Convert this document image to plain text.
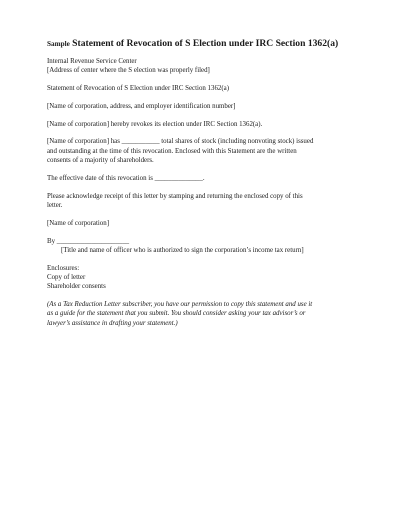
Sample Statement of Revocation of S Election under IRC Section 1362(a)
Internal Revenue Service Center
[Address of center where the S election was properly filed]
Statement of Revocation of S Election under IRC Section 1362(a)
[Name of corporation, address, and employer identification number]
[Name of corporation] hereby revokes its election under IRC Section 1362(a).
[Name of corporation] has ___________ total shares of stock (including nonvoting stock) issued
and outstanding at the time of this revocation. Enclosed with this Statement are the written
consents of a majority of shareholders.
The effective date of this revocation is ______________.
Please acknowledge receipt of this letter by stamping and returning the enclosed copy of this
letter.
[Name of corporation]
By _____________________
[Title and name of officer who is authorized to sign the corporation’s income tax return]
Enclosures:
Copy of letter
Shareholder consents
(As a Tax Reduction Letter subscriber, you have our permission to copy this statement and use it
as a guide for the statement that you submit. You should consider asking your tax advisor’s or
lawyer’s assistance in drafting your statement.)
